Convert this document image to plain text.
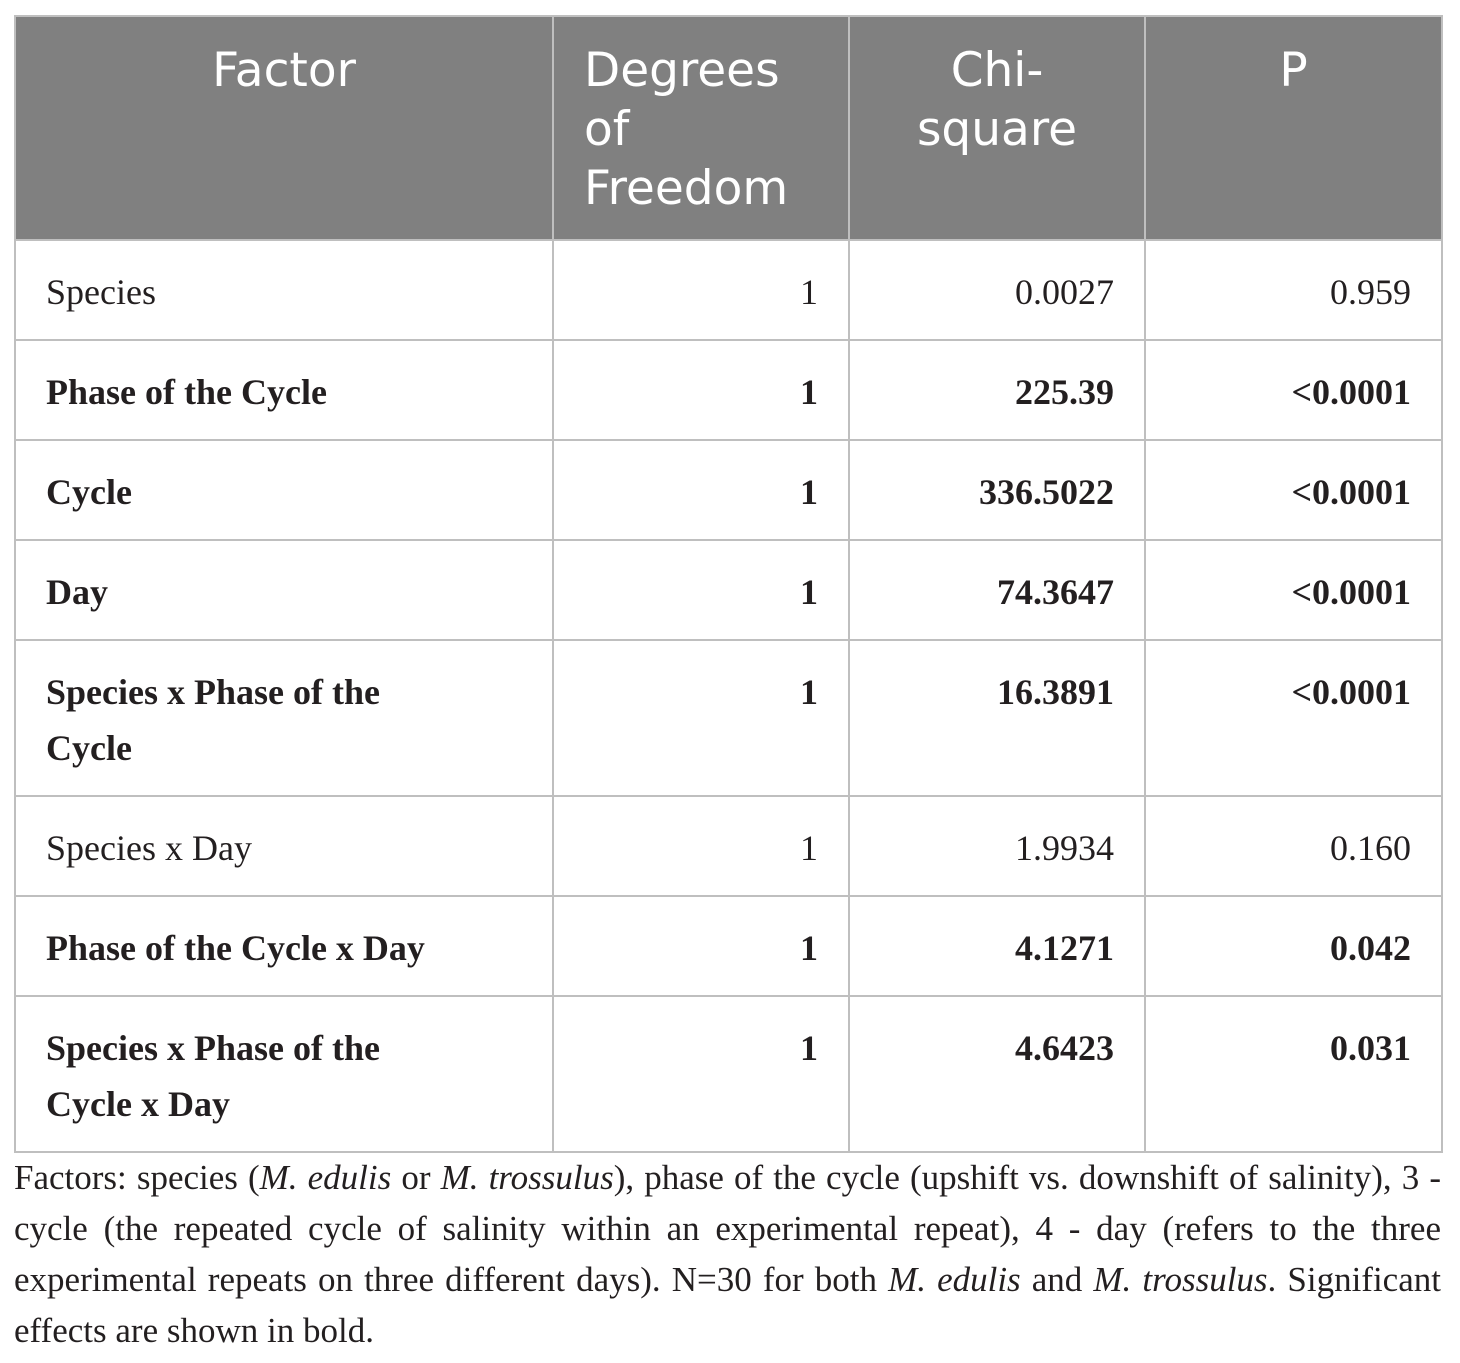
Factor	Degrees of Freedom	Chi-square	P
Species	1	0.0027	0.959
Phase of the Cycle	1	225.39	<0.0001
Cycle	1	336.5022	<0.0001
Day	1	74.3647	<0.0001
Species x Phase of the Cycle	1	16.3891	<0.0001
Species x Day	1	1.9934	0.160
Phase of the Cycle x Day	1	4.1271	0.042
Species x Phase of the Cycle x Day	1	4.6423	0.031

Factors: species (M. edulis or M. trossulus), phase of the cycle (upshift vs. downshift of salinity), 3 - cycle (the repeated cycle of salinity within an experimental repeat), 4 - day (refers to the three experimental repeats on three different days). N=30 for both M. edulis and M. trossulus. Significant effects are shown in bold.
